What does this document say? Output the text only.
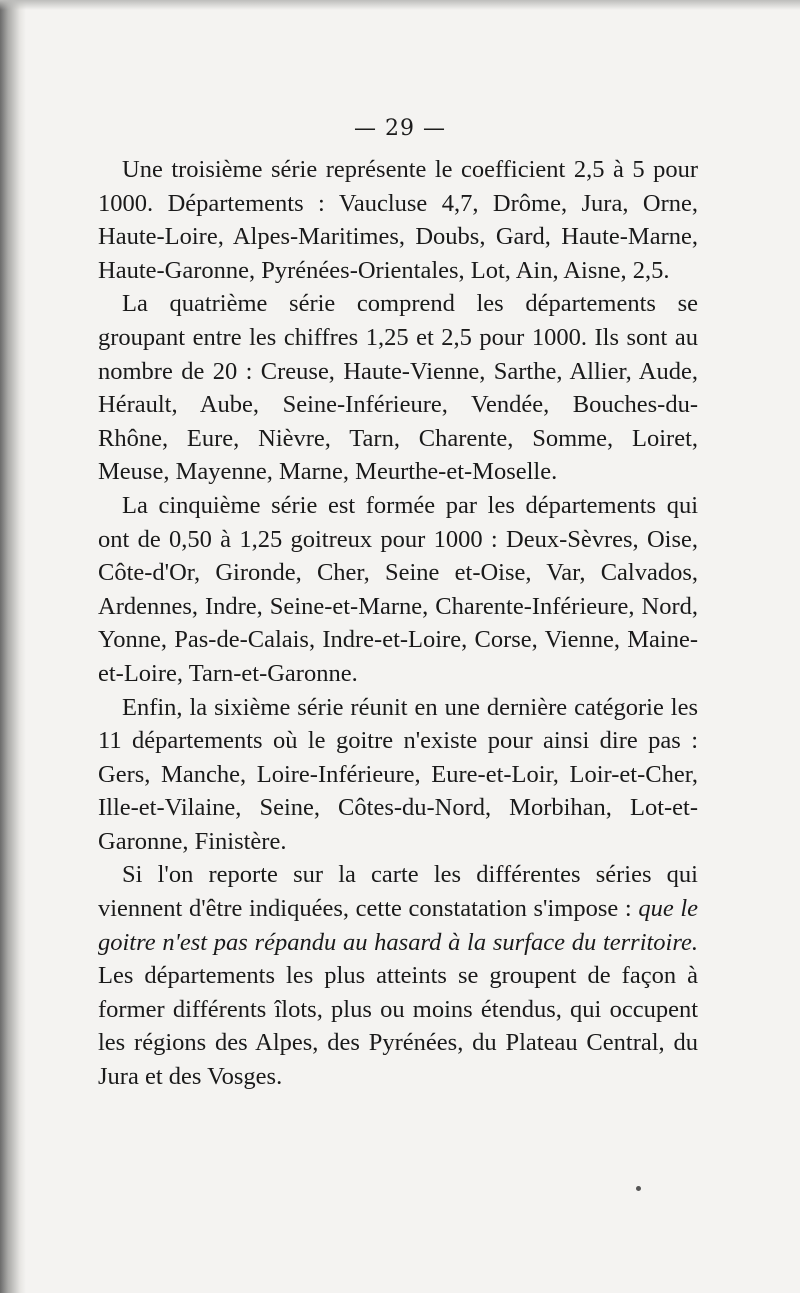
— 29 —

Une troisième série représente le coefficient 2,5 à 5 pour 1000. Départements : Vaucluse 4,7, Drôme, Jura, Orne, Haute-Loire, Alpes-Maritimes, Doubs, Gard, Haute-Marne, Haute-Garonne, Pyrénées-Orientales, Lot, Ain, Aisne, 2,5.

La quatrième série comprend les départements se groupant entre les chiffres 1,25 et 2,5 pour 1000. Ils sont au nombre de 20 : Creuse, Haute-Vienne, Sarthe, Allier, Aude, Hérault, Aube, Seine-Inférieure, Vendée, Bouches-du-Rhône, Eure, Nièvre, Tarn, Charente, Somme, Loiret, Meuse, Mayenne, Marne, Meurthe-et-Moselle.

La cinquième série est formée par les départements qui ont de 0,50 à 1,25 goitreux pour 1000 : Deux-Sèvres, Oise, Côte-d'Or, Gironde, Cher, Seine et-Oise, Var, Calvados, Ardennes, Indre, Seine-et-Marne, Charente-Inférieure, Nord, Yonne, Pas-de-Calais, Indre-et-Loire, Corse, Vienne, Maine-et-Loire, Tarn-et-Garonne.

Enfin, la sixième série réunit en une dernière catégorie les 11 départements où le goitre n'existe pour ainsi dire pas : Gers, Manche, Loire-Inférieure, Eure-et-Loir, Loir-et-Cher, Ille-et-Vilaine, Seine, Côtes-du-Nord, Morbihan, Lot-et-Garonne, Finistère.

Si l'on reporte sur la carte les différentes séries qui viennent d'être indiquées, cette constatation s'impose : que le goitre n'est pas répandu au hasard à la surface du territoire. Les départements les plus atteints se groupent de façon à former différents îlots, plus ou moins étendus, qui occupent les régions des Alpes, des Pyrénées, du Plateau Central, du Jura et des Vosges.
